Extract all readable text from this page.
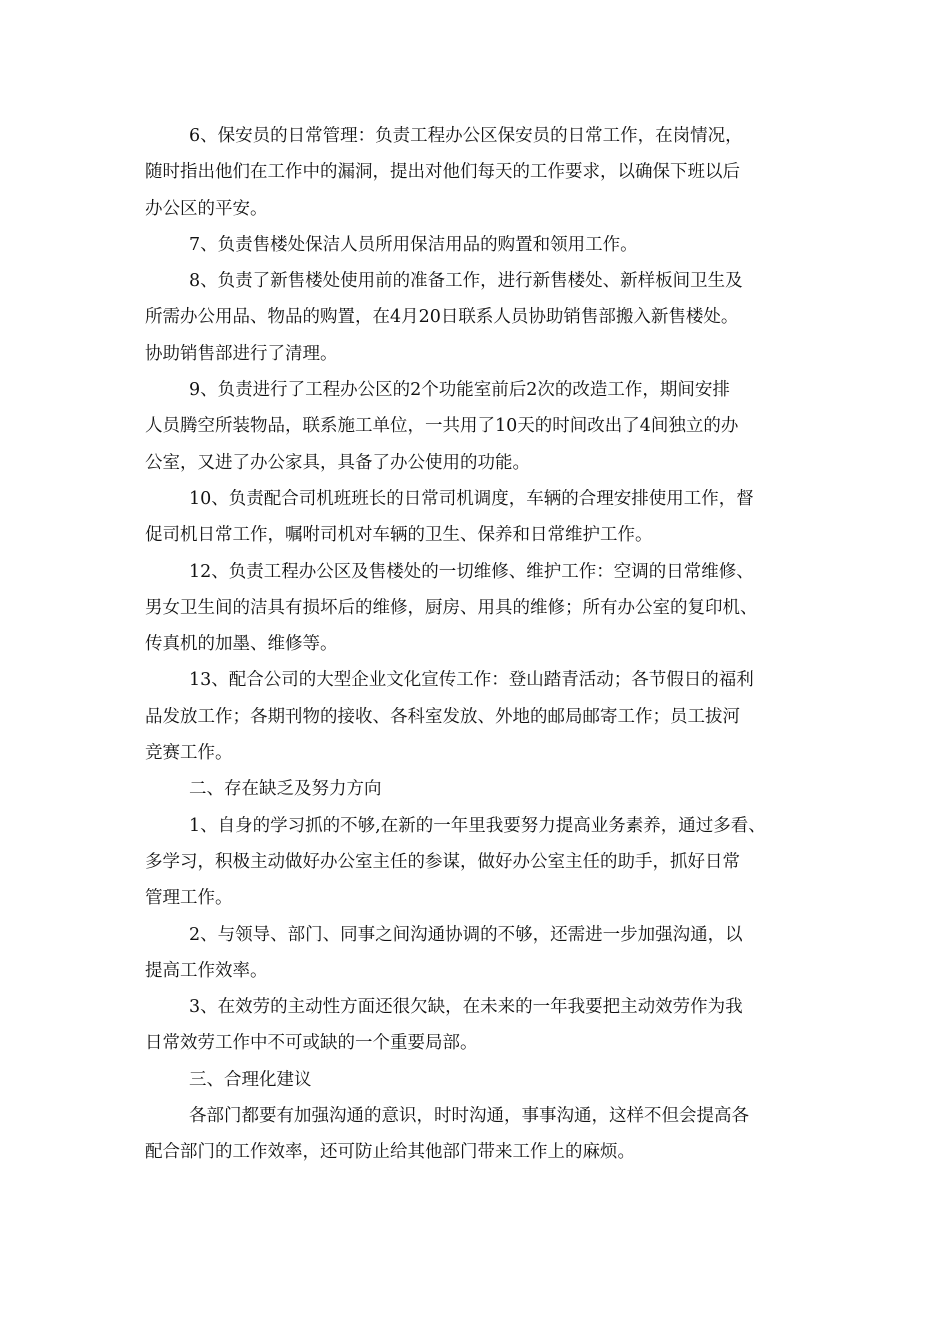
6、保安员的日常管理：负责工程办公区保安员的日常工作，在岗情况，
随时指出他们在工作中的漏洞，提出对他们每天的工作要求，以确保下班以后
办公区的平安。
7、负责售楼处保洁人员所用保洁用品的购置和领用工作。
8、负责了新售楼处使用前的准备工作，进行新售楼处、新样板间卫生及
所需办公用品、物品的购置，在4月20日联系人员协助销售部搬入新售楼处。
协助销售部进行了清理。
9、负责进行了工程办公区的2个功能室前后2次的改造工作，期间安排
人员腾空所装物品，联系施工单位，一共用了10天的时间改出了4间独立的办
公室，又进了办公家具，具备了办公使用的功能。
10、负责配合司机班班长的日常司机调度，车辆的合理安排使用工作，督
促司机日常工作，嘱咐司机对车辆的卫生、保养和日常维护工作。
12、负责工程办公区及售楼处的一切维修、维护工作：空调的日常维修、
男女卫生间的洁具有损坏后的维修，厨房、用具的维修；所有办公室的复印机、
传真机的加墨、维修等。
13、配合公司的大型企业文化宣传工作：登山踏青活动；各节假日的福利
品发放工作；各期刊物的接收、各科室发放、外地的邮局邮寄工作；员工拔河
竞赛工作。
二、存在缺乏及努力方向
1、自身的学习抓的不够,在新的一年里我要努力提高业务素养，通过多看、
多学习，积极主动做好办公室主任的参谋，做好办公室主任的助手，抓好日常
管理工作。
2、与领导、部门、同事之间沟通协调的不够，还需进一步加强沟通，以
提高工作效率。
3、在效劳的主动性方面还很欠缺，在未来的一年我要把主动效劳作为我
日常效劳工作中不可或缺的一个重要局部。
三、合理化建议
各部门都要有加强沟通的意识，时时沟通，事事沟通，这样不但会提高各
配合部门的工作效率，还可防止给其他部门带来工作上的麻烦。
